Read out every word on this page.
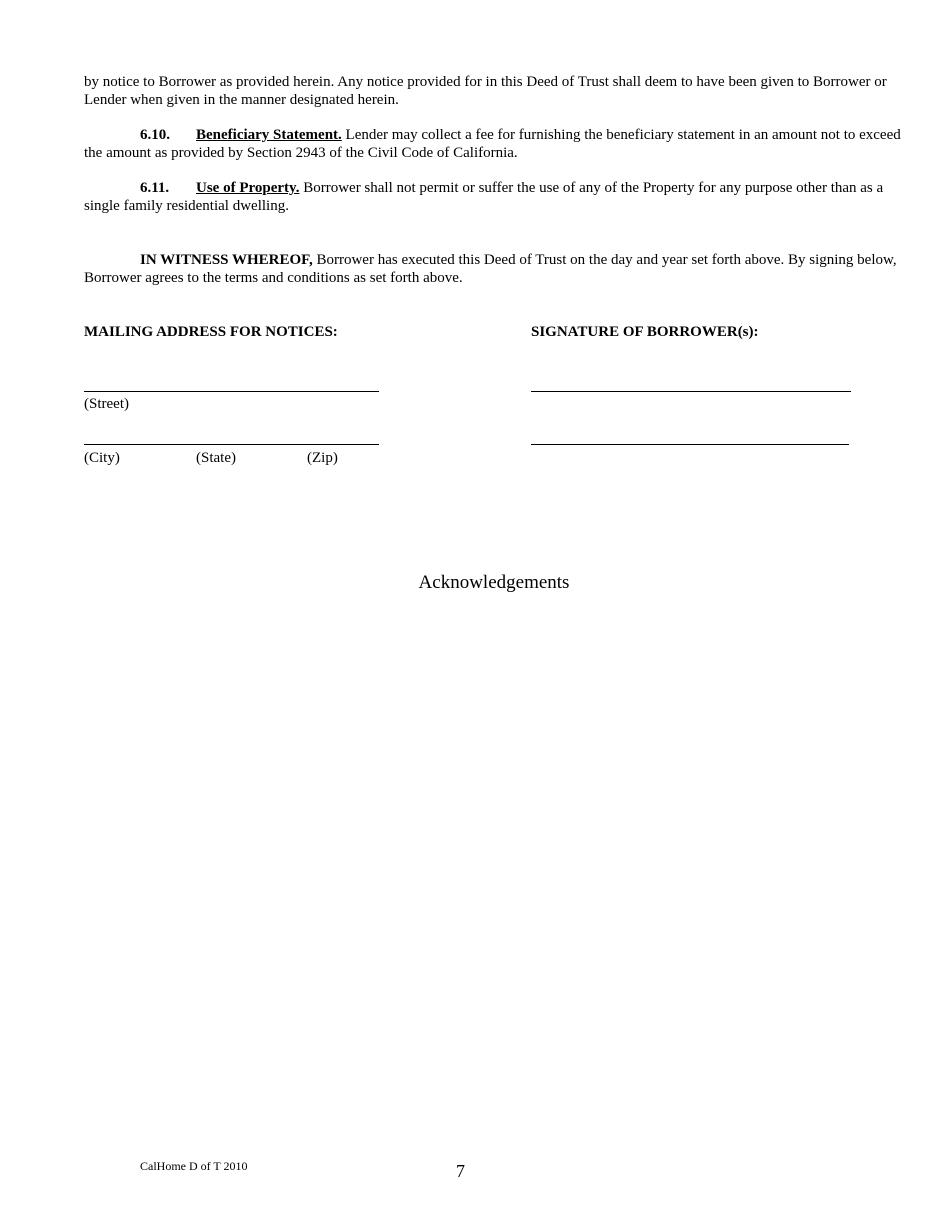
by notice to Borrower as provided herein. Any notice provided for in this Deed of Trust shall deem to have been given to Borrower or Lender when given in the manner designated herein.
6.10. Beneficiary Statement. Lender may collect a fee for furnishing the beneficiary statement in an amount not to exceed the amount as provided by Section 2943 of the Civil Code of California.
6.11. Use of Property. Borrower shall not permit or suffer the use of any of the Property for any purpose other than as a single family residential dwelling.
IN WITNESS WHEREOF, Borrower has executed this Deed of Trust on the day and year set forth above. By signing below, Borrower agrees to the terms and conditions as set forth above.
MAILING ADDRESS FOR NOTICES:	SIGNATURE OF BORROWER(s):
(Street)
(City)	(State)	(Zip)
Acknowledgements
CalHome D of T 2010	7
